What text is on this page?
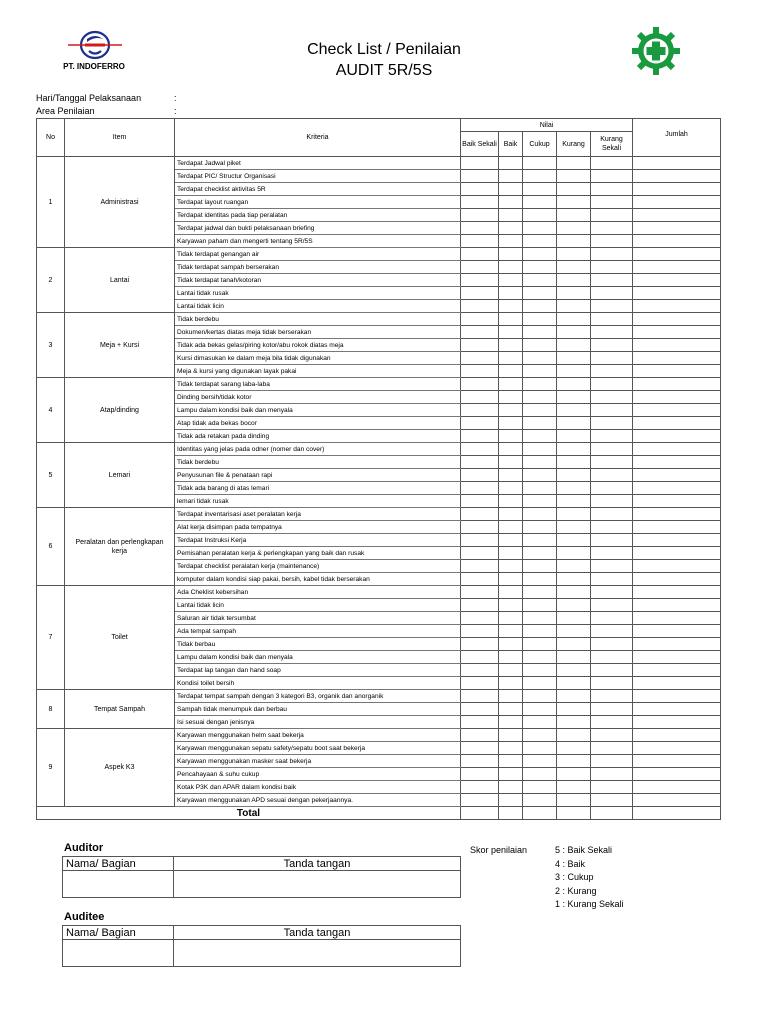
PT. INDOFERRO
Check List / Penilaian
AUDIT 5R/5S
Hari/Tanggal Pelaksanaan	:
Area Penilaian	:
No	Item	Kriteria	Nilai					Jumlah
			Baik Sekali	Baik	Cukup	Kurang	Kurang Sekali	
1	Administrasi	Terdapat Jadwal piket						
		Terdapat PIC/ Structur Organisasi						
		Terdapat checklist aktivitas 5R						
		Terdapat layout ruangan						
		Terdapat identitas pada tiap peralatan						
		Terdapat jadwal dan bukti pelaksanaan briefing						
		Karyawan paham dan mengerti tentang 5R/5S						
2	Lantai	Tidak terdapat genangan air						
		Tidak terdapat sampah berserakan						
		Tidak terdapat tanah/kotoran						
		Lantai tidak rusak						
		Lantai tidak licin						
3	Meja + Kursi	Tidak berdebu						
		Dokumen/kertas diatas meja tidak berserakan						
		Tidak ada bekas gelas/piring kotor/abu rokok diatas meja						
		Kursi dimasukan ke dalam meja bila tidak digunakan						
		Meja & kursi yang digunakan layak pakai						
4	Atap/dinding	Tidak terdapat sarang laba-laba						
		Dinding bersih/tidak kotor						
		Lampu dalam kondisi baik dan menyala						
		Atap tidak ada bekas bocor						
		Tidak ada retakan pada dinding						
5	Lemari	Identitas yang jelas pada odner (nomer dan cover)						
		Tidak berdebu						
		Penyusunan file & penataan rapi						
		Tidak ada barang di atas lemari						
		lemari tidak rusak						
6	Peralatan dan perlengkapan kerja	Terdapat inventarisasi aset peralatan kerja						
		Alat kerja disimpan pada tempatnya						
		Terdapat Instruksi Kerja						
		Pemisahan peralatan kerja & perlengkapan yang baik dan rusak						
		Terdapat checklist peralatan kerja (maintenance)						
		komputer dalam kondisi siap pakai, bersih, kabel tidak berserakan						
7	Toilet	Ada Cheklist kebersihan						
		Lantai tidak licin						
		Saluran air tidak tersumbat						
		Ada tempat sampah						
		Tidak berbau						
		Lampu dalam kondisi baik dan menyala						
		Terdapat lap tangan dan hand soap						
		Kondisi toilet bersih						
8	Tempat Sampah	Terdapat tempat sampah dengan 3 kategori B3, organik dan anorganik						
		Sampah tidak menumpuk dan berbau						
		Isi sesuai dengan jenisnya						
9	Aspek K3	Karyawan menggunakan helm saat bekerja						
		Karyawan menggunakan sepatu safety/sepatu boot saat bekerja						
		Karyawan menggunakan masker saat bekerja						
		Pencahayaan & suhu cukup						
		Kotak P3K dan APAR dalam kondisi baik						
		Karyawan menggunakan APD sesuai dengan pekerjaannya.						
Total								
Auditor
Nama/ Bagian	Tanda tangan

Auditee
Nama/ Bagian	Tanda tangan

Skor penilaian	5 : Baik Sekali
4 : Baik
3 : Cukup
2 : Kurang
1 : Kurang Sekali
